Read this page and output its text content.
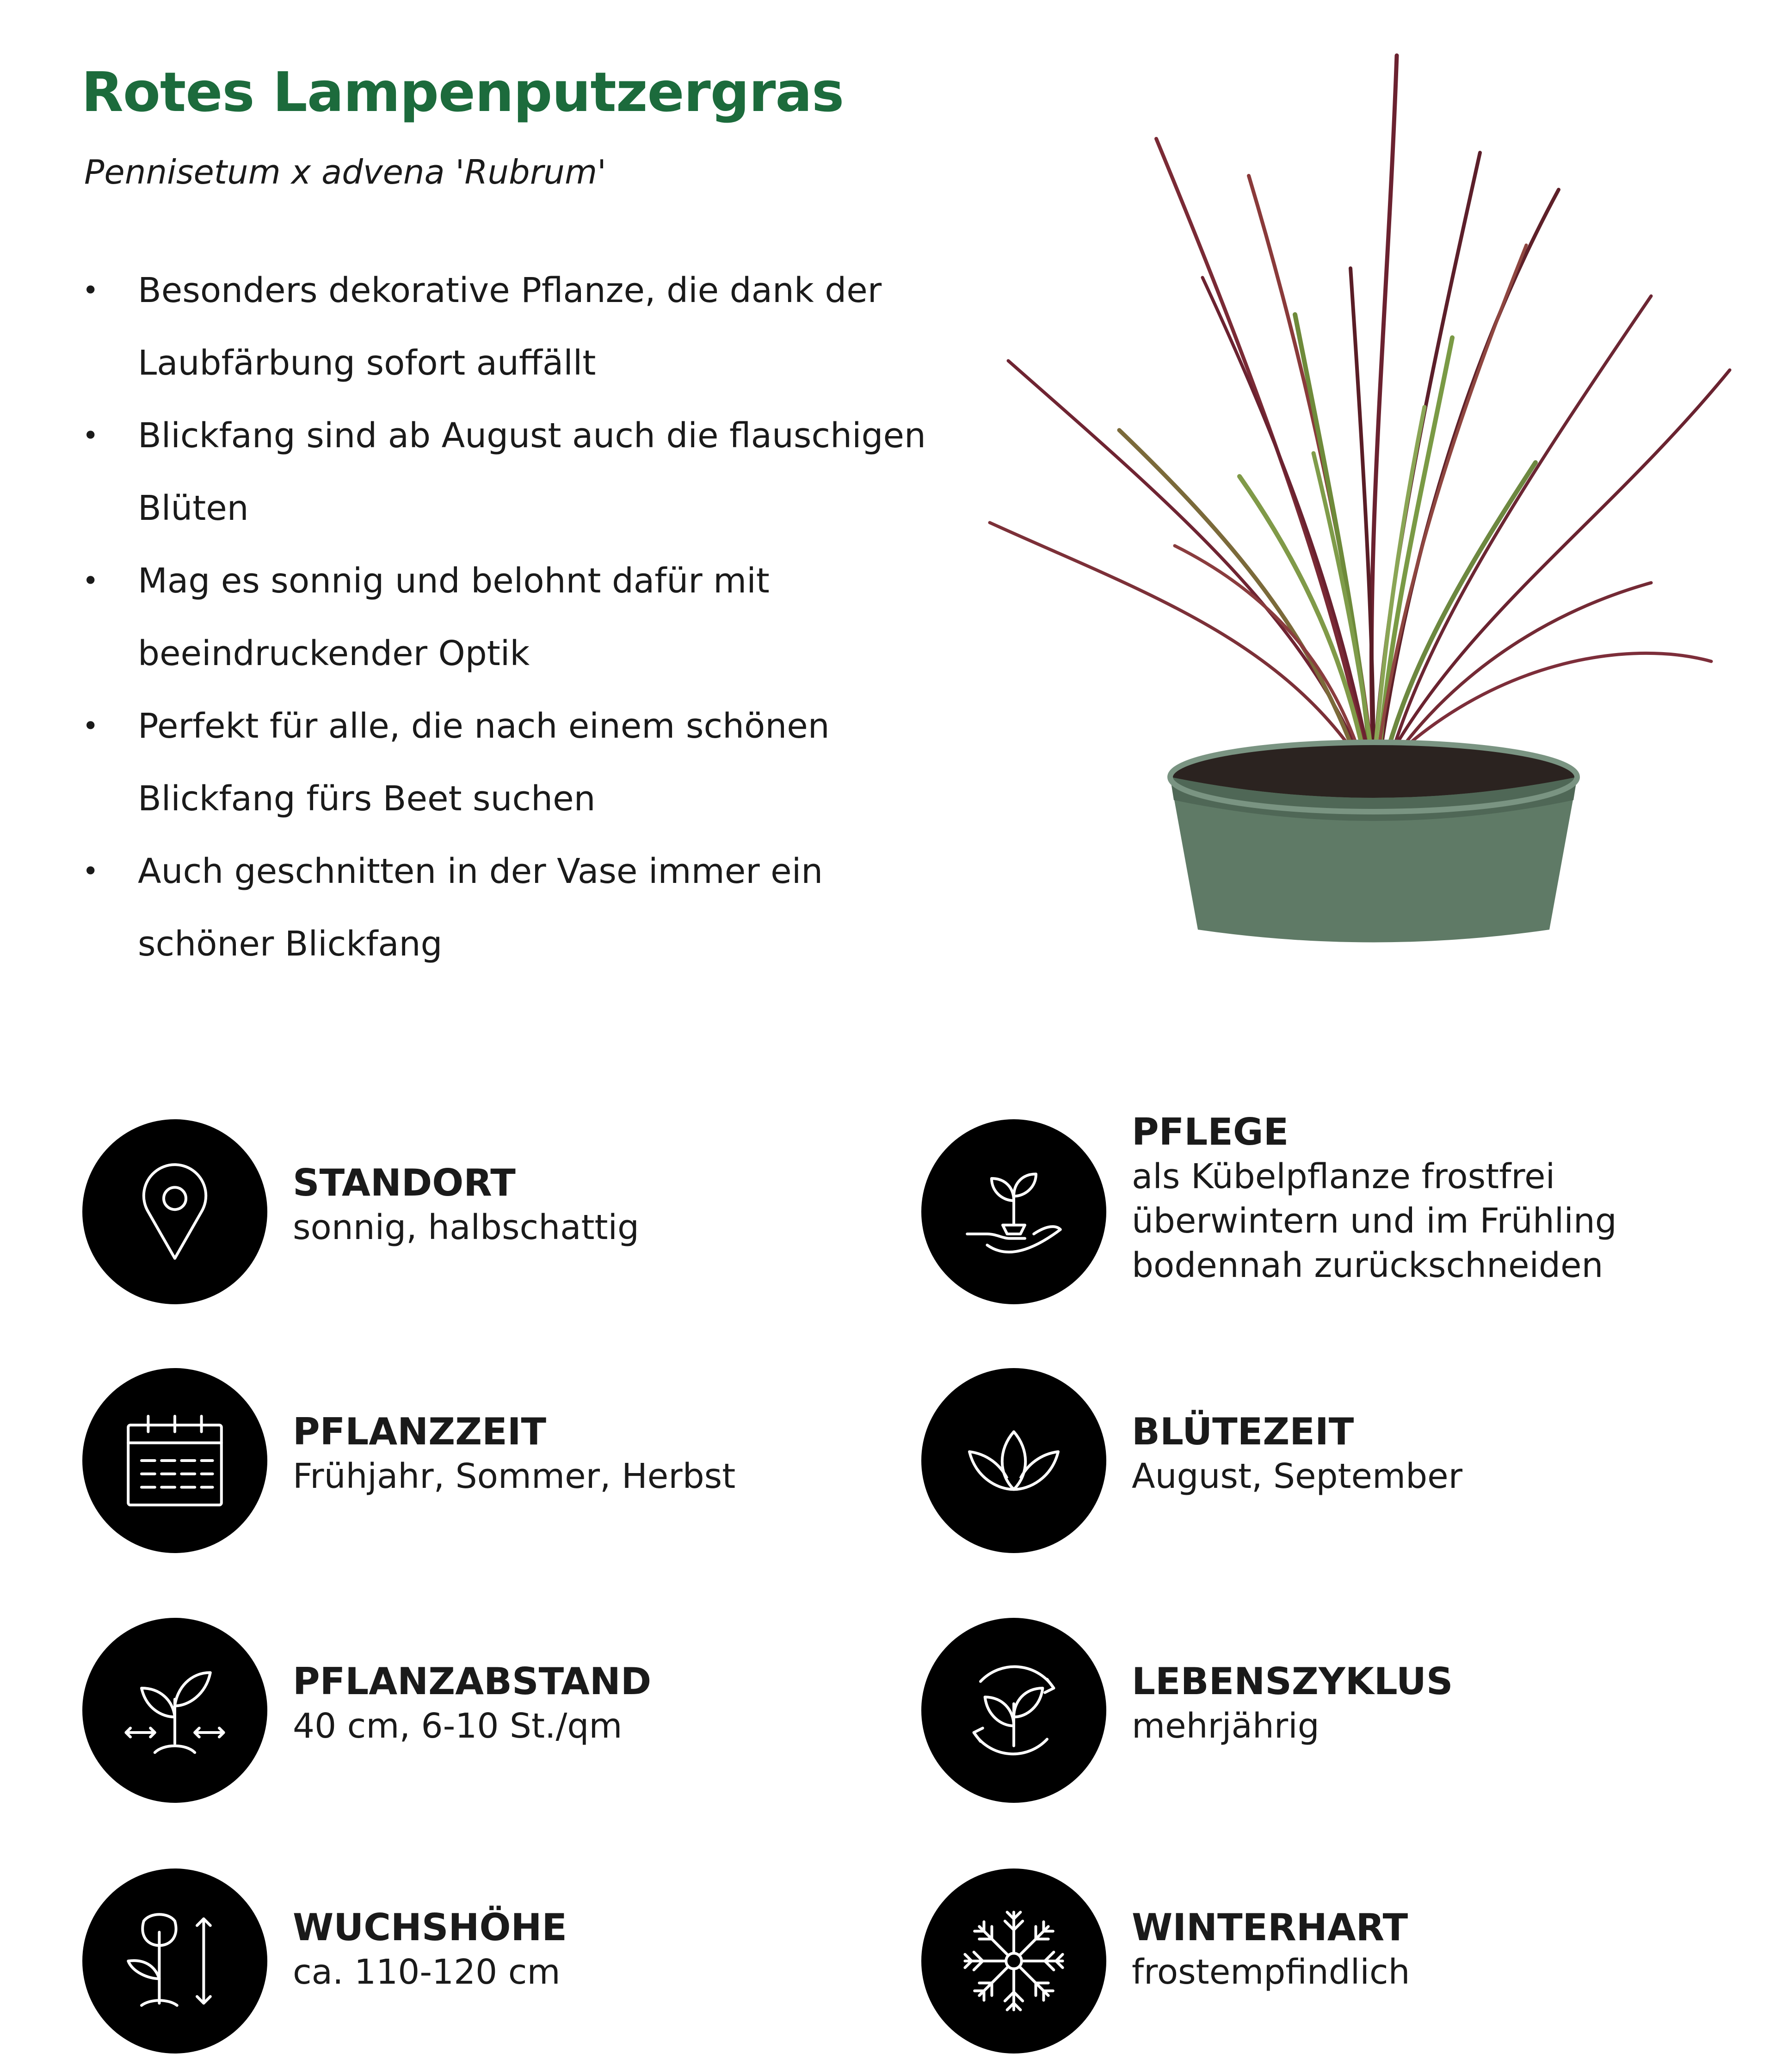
Rotes Lampenputzergras
Pennisetum x advena 'Rubrum'
• Besonders dekorative Pflanze, die dank der Laubfärbung sofort auffällt
• Blickfang sind ab August auch die flauschigen Blüten
• Mag es sonnig und belohnt dafür mit beeindruckender Optik
• Perfekt für alle, die nach einem schönen Blickfang fürs Beet suchen
• Auch geschnitten in der Vase immer ein schöner Blickfang
STANDORT
sonnig, halbschattig
PFLEGE
als Kübelpflanze frostfrei
überwintern und im Frühling
bodennah zurückschneiden
PFLANZZEIT
Frühjahr, Sommer, Herbst
BLÜTEZEIT
August, September
PFLANZABSTAND
40 cm, 6-10 St./qm
LEBENSZYKLUS
mehrjährig
WUCHSHÖHE
ca. 110-120 cm
WINTERHART
frostempfindlich
